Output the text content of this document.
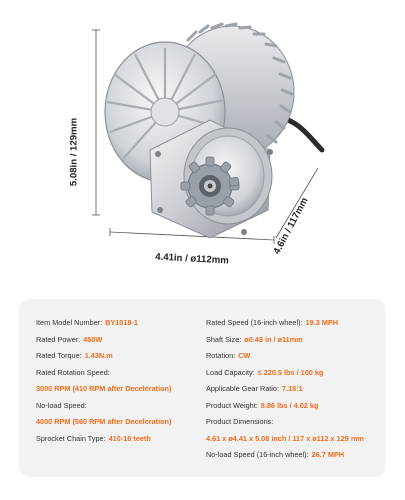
5.08in / 129mm
4.41in / ø112mm
4.6in / 117mm
Item Model Number: BY1018-1
Rated Power: 450W
Rated Torque: 1.43N.m
Rated Rotation Speed:
3000 RPM (410 RPM after Deceleration)
No-load Speed:
4000 RPM (560 RPM after Deceleration)
Sprocket Chain Type: 410-16 teeth
Rated Speed (16-inch wheel): 19.3 MPH
Shaft Size: ø0.43 in / ø11mm
Rotation: CW
Load Capacity: ≤ 220.5 lbs / 100 kg
Applicable Gear Ratio: 7.18:1
Product Weight: 8.86 lbs / 4.02 kg
Product Dimensions:
4.61 x ø4.41 x 5.08 inch / 117 x ø112 x 129 mm
No-load Speed (16-inch wheel): 26.7 MPH
